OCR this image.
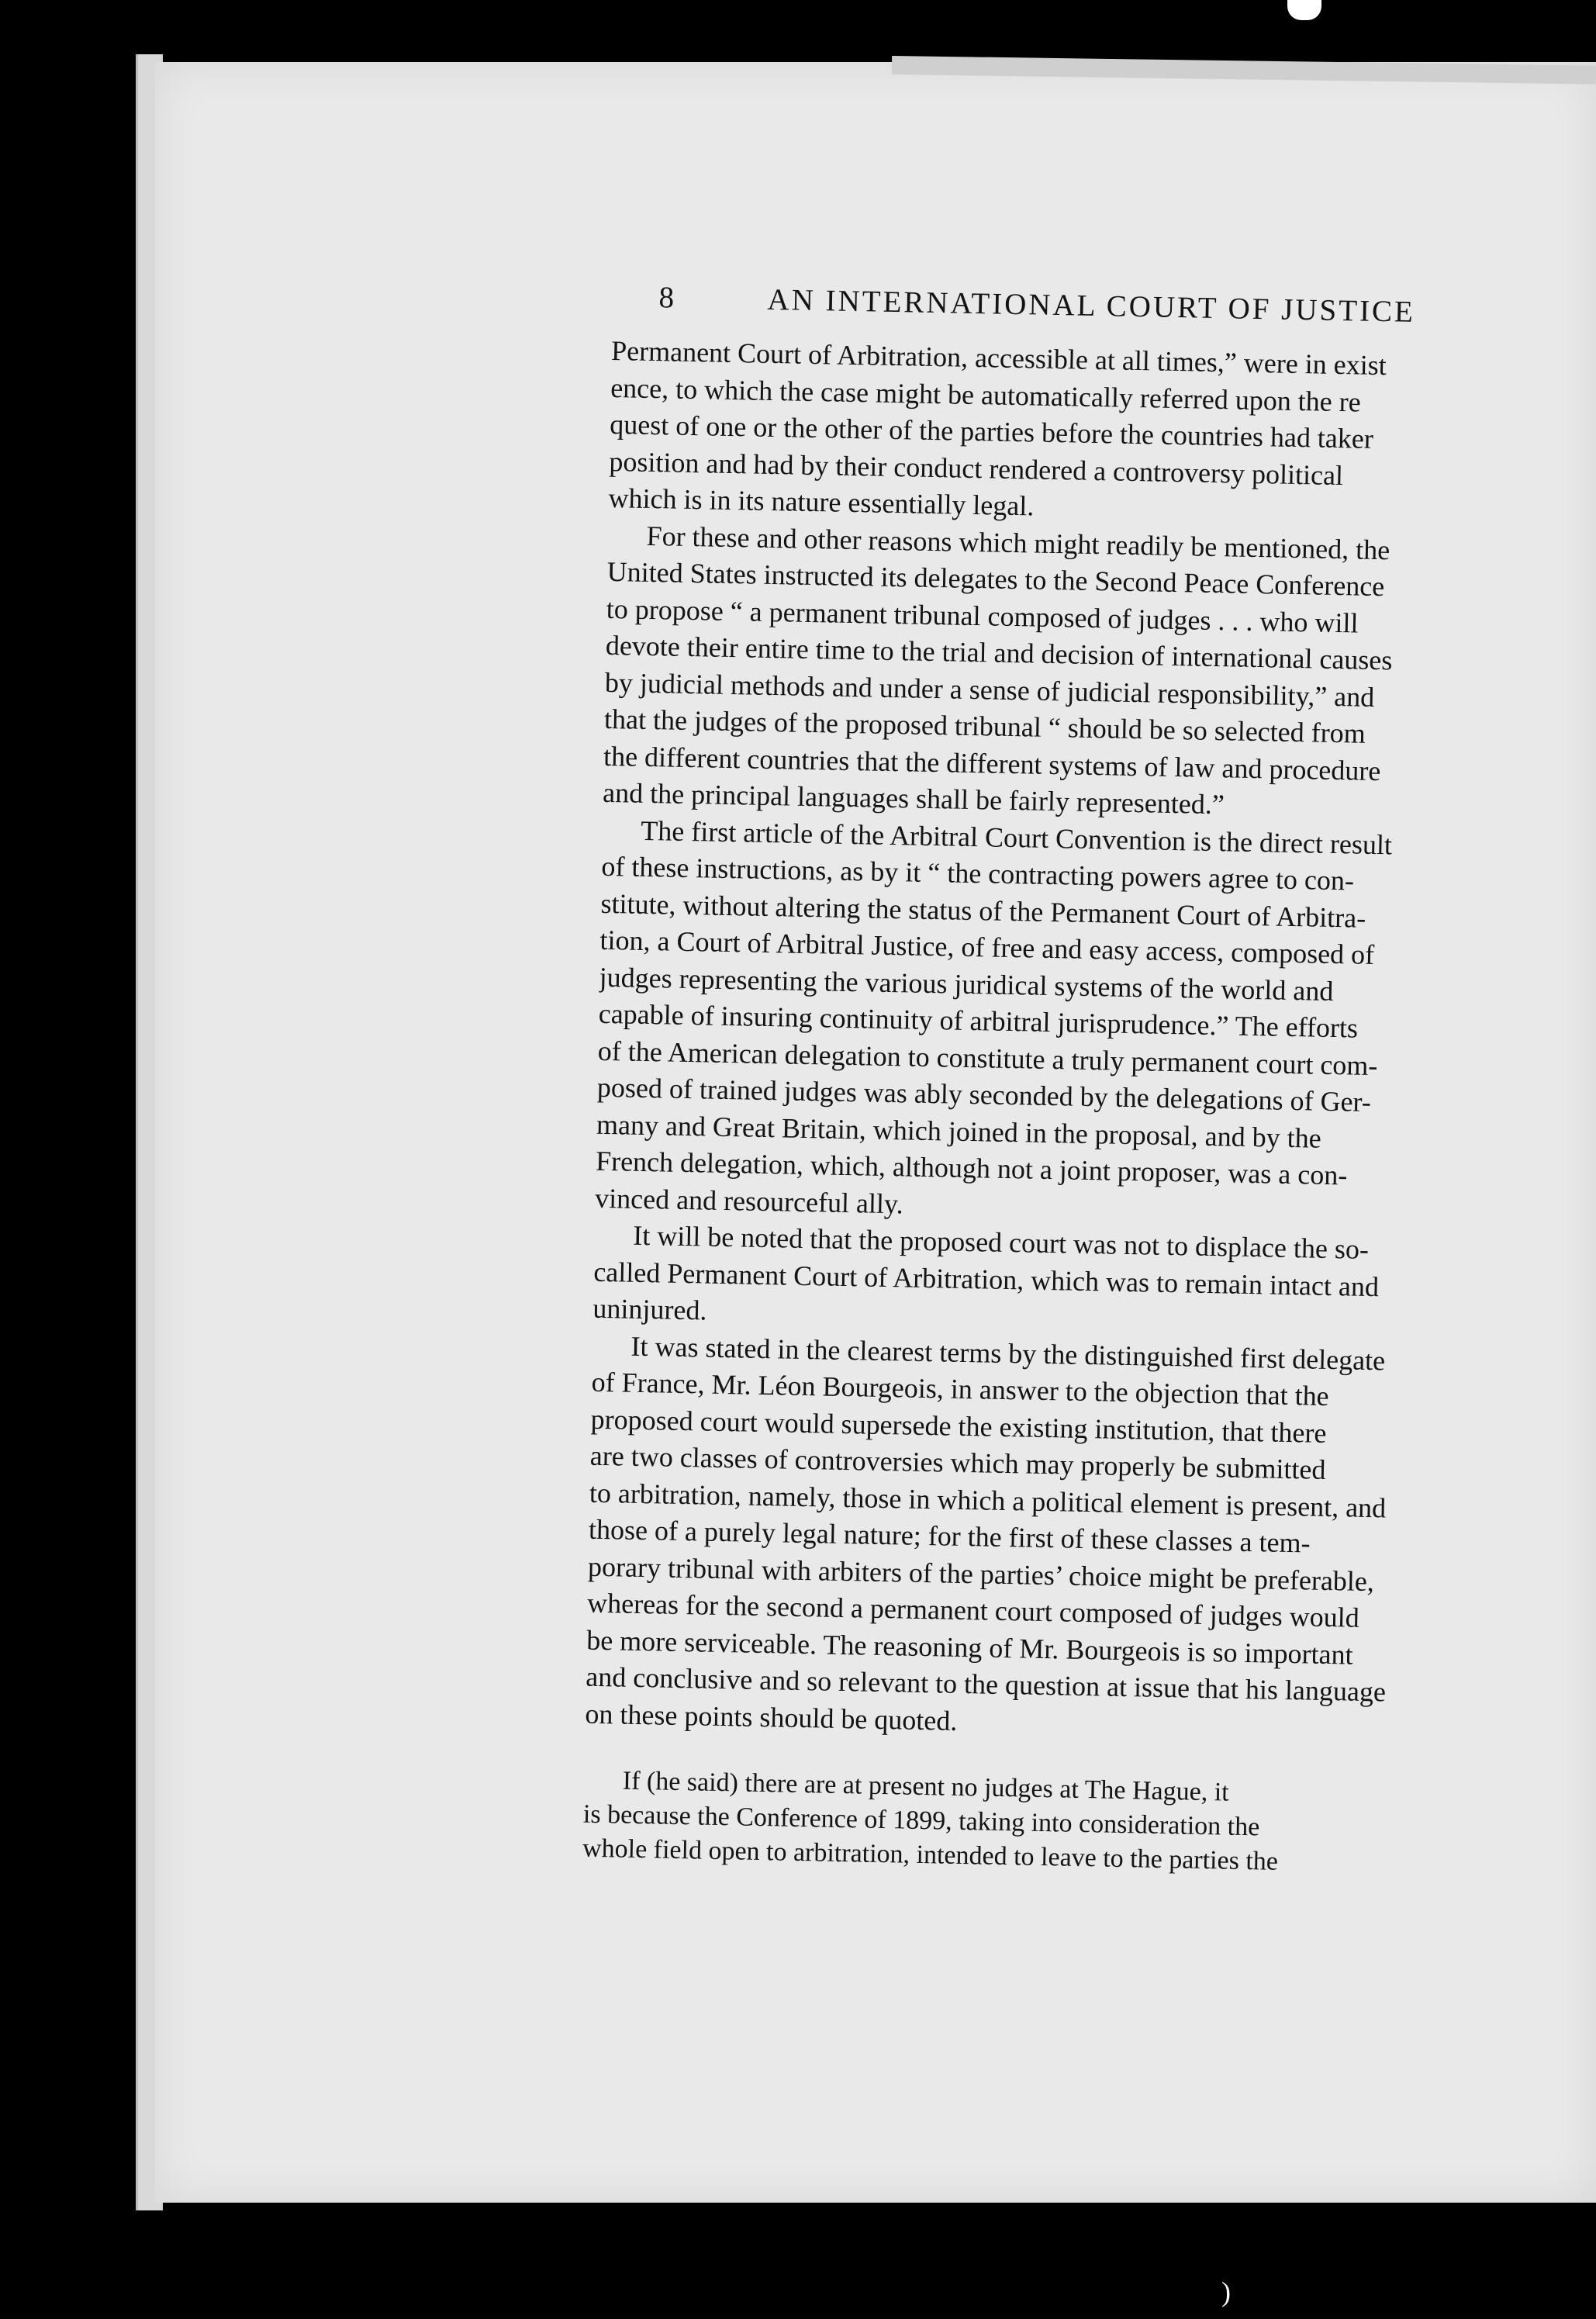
)
8	AN INTERNATIONAL COURT OF JUSTICE
Permanent Court of Arbitration, accessible at all times,” were in exist
ence, to which the case might be automatically referred upon the re
quest of one or the other of the parties before the countries had taker
position and had by their conduct rendered a controversy political
which is in its nature essentially legal.
For these and other reasons which might readily be mentioned, the
United States instructed its delegates to the Second Peace Conference
to propose “ a permanent tribunal composed of judges . . . who will
devote their entire time to the trial and decision of international causes
by judicial methods and under a sense of judicial responsibility,” and
that the judges of the proposed tribunal “ should be so selected from
the different countries that the different systems of law and procedure
and the principal languages shall be fairly represented.”
The first article of the Arbitral Court Convention is the direct result
of these instructions, as by it “ the contracting powers agree to con-
stitute, without altering the status of the Permanent Court of Arbitra-
tion, a Court of Arbitral Justice, of free and easy access, composed of
judges representing the various juridical systems of the world and
capable of insuring continuity of arbitral jurisprudence.” The efforts
of the American delegation to constitute a truly permanent court com-
posed of trained judges was ably seconded by the delegations of Ger-
many and Great Britain, which joined in the proposal, and by the
French delegation, which, although not a joint proposer, was a con-
vinced and resourceful ally.
It will be noted that the proposed court was not to displace the so-
called Permanent Court of Arbitration, which was to remain intact and
uninjured.
It was stated in the clearest terms by the distinguished first delegate
of France, Mr. Léon Bourgeois, in answer to the objection that the
proposed court would supersede the existing institution, that there
are two classes of controversies which may properly be submitted
to arbitration, namely, those in which a political element is present, and
those of a purely legal nature; for the first of these classes a tem-
porary tribunal with arbiters of the parties’ choice might be preferable,
whereas for the second a permanent court composed of judges would
be more serviceable. The reasoning of Mr. Bourgeois is so important
and conclusive and so relevant to the question at issue that his language
on these points should be quoted.
If (he said) there are at present no judges at The Hague, it
is because the Conference of 1899, taking into consideration the
whole field open to arbitration, intended to leave to the parties the
